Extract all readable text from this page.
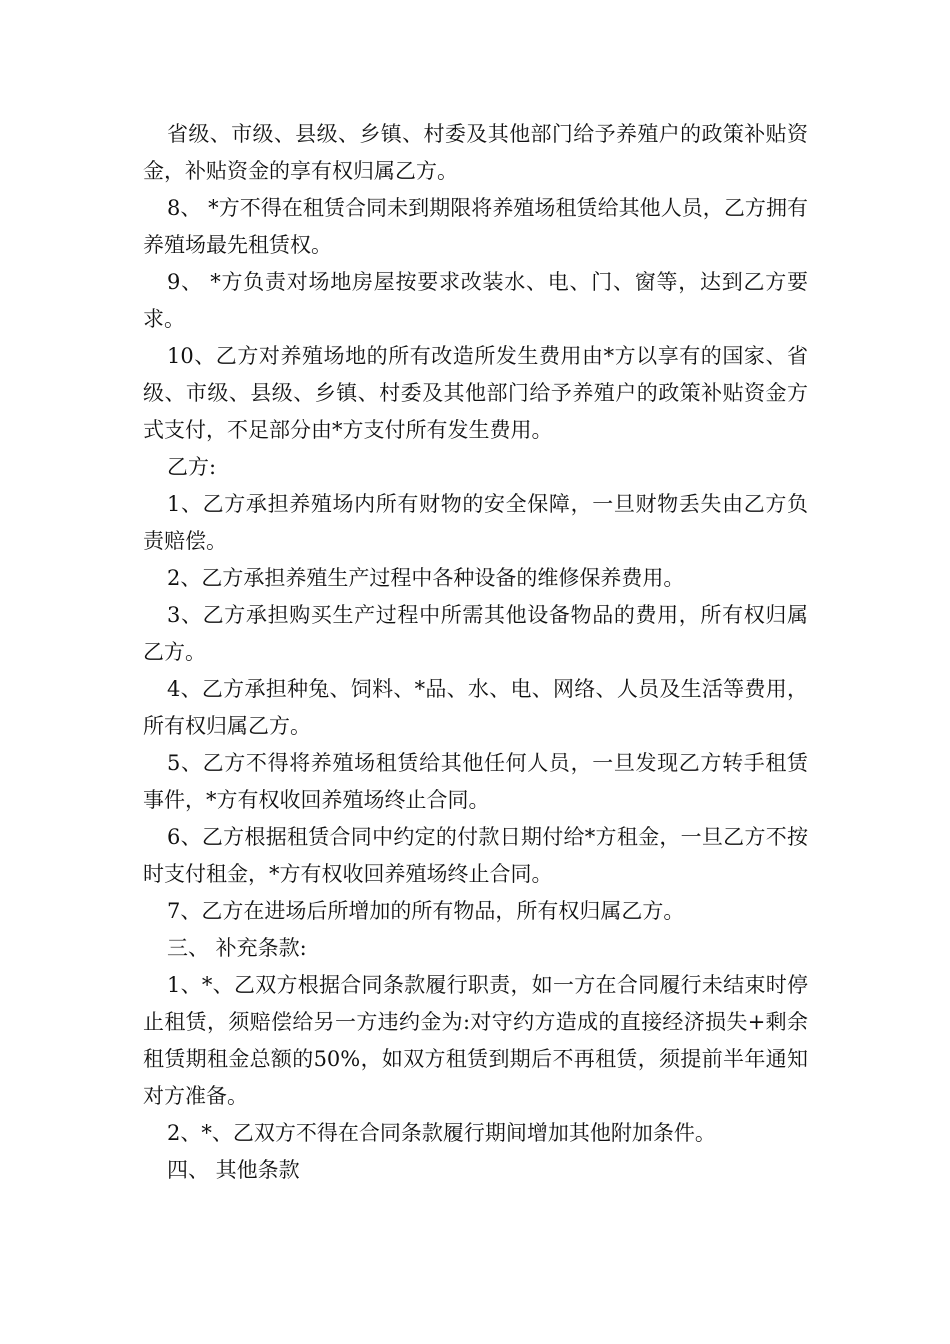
省级、市级、县级、乡镇、村委及其他部门给予养殖户的政策补贴资金，补贴资金的享有权归属乙方。

8、 *方不得在租赁合同未到期限将养殖场租赁给其他人员，乙方拥有养殖场最先租赁权。

9、 *方负责对场地房屋按要求改装水、电、门、窗等，达到乙方要求。

10、乙方对养殖场地的所有改造所发生费用由*方以享有的国家、省级、市级、县级、乡镇、村委及其他部门给予养殖户的政策补贴资金方式支付，不足部分由*方支付所有发生费用。

乙方:

1、乙方承担养殖场内所有财物的安全保障，一旦财物丢失由乙方负责赔偿。

2、乙方承担养殖生产过程中各种设备的维修保养费用。

3、乙方承担购买生产过程中所需其他设备物品的费用，所有权归属乙方。

4、乙方承担种兔、饲料、*品、水、电、网络、人员及生活等费用，所有权归属乙方。

5、乙方不得将养殖场租赁给其他任何人员，一旦发现乙方转手租赁事件，*方有权收回养殖场终止合同。

6、乙方根据租赁合同中约定的付款日期付给*方租金，一旦乙方不按时支付租金，*方有权收回养殖场终止合同。

7、乙方在进场后所增加的所有物品，所有权归属乙方。

三、 补充条款:

1、*、乙双方根据合同条款履行职责，如一方在合同履行未结束时停止租赁，须赔偿给另一方违约金为:对守约方造成的直接经济损失+剩余租赁期租金总额的50%，如双方租赁到期后不再租赁，须提前半年通知对方准备。

2、*、乙双方不得在合同条款履行期间增加其他附加条件。

四、 其他条款
